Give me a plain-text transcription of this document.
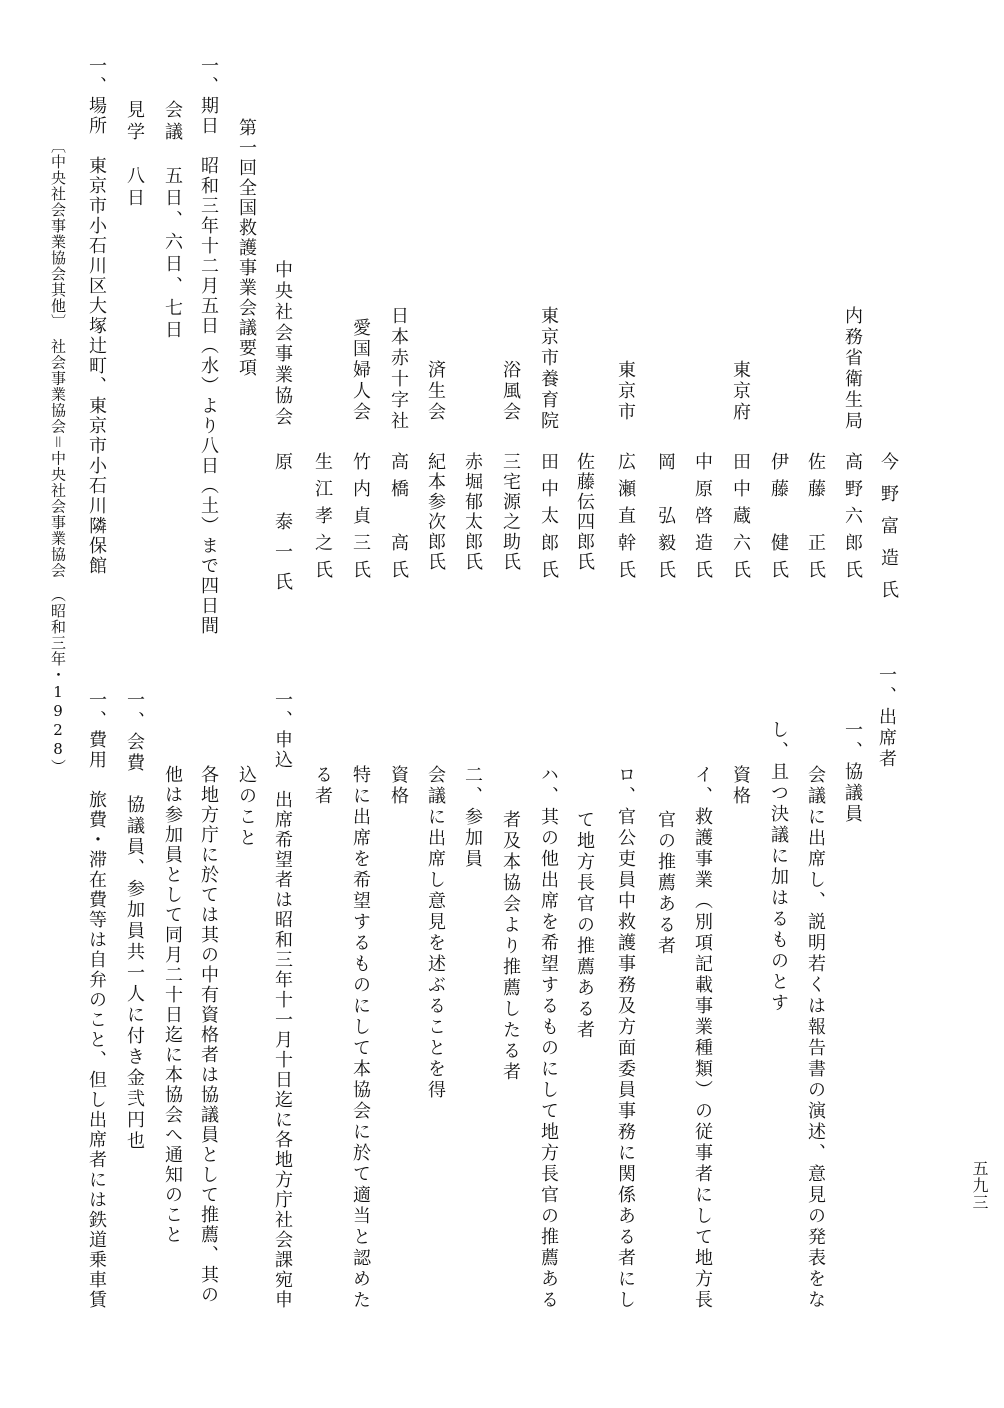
一、出席者
今野富造氏
内務省衛生局
高野六郎氏
佐藤　正氏
伊藤　健氏
東京府
田中蔵六氏
中原啓造氏
岡　弘毅氏
東京市
広瀬直幹氏
佐藤伝四郎氏
東京市養育院
田中太郎氏
浴風会
三宅源之助氏
赤堀郁太郎氏
済生会
紀本参次郎氏
日本赤十字社
高橋　高氏
愛国婦人会
竹内貞三氏
生江孝之氏
中央社会事業協会
原　泰一氏
第一回全国救護事業会議要項
一、期日　昭和三年十二月五日（水）より八日（土）まで四日間
会議　五日、六日、七日
見学　八日
一、場所　東京市小石川区大塚辻町、東京市小石川隣保館
〔中央社会事業協会其他〕　社会事業協会＝中央社会事業協会　（昭和三年・1928）	一、協議員
会議に出席し、説明若くは報告書の演述、意見の発表をな
し、且つ決議に加はるものとす
資格
イ、救護事業（別項記載事業種類）の従事者にして地方長
官の推薦ある者
ロ、官公吏員中救護事務及方面委員事務に関係ある者にし
て地方長官の推薦ある者
ハ、其の他出席を希望するものにして地方長官の推薦ある
者及本協会より推薦したる者
二、参加員
会議に出席し意見を述ぶることを得
資格
特に出席を希望するものにして本協会に於て適当と認めた
る者
一、申込　出席希望者は昭和三年十一月十日迄に各地方庁社会課宛申
込のこと
各地方庁に於ては其の中有資格者は協議員として推薦、其の
他は参加員として同月二十日迄に本協会へ通知のこと
一、会費　協議員、参加員共一人に付き金弐円也
一、費用　旅費・滞在費等は自弁のこと、但し出席者には鉄道乗車賃	五九三
